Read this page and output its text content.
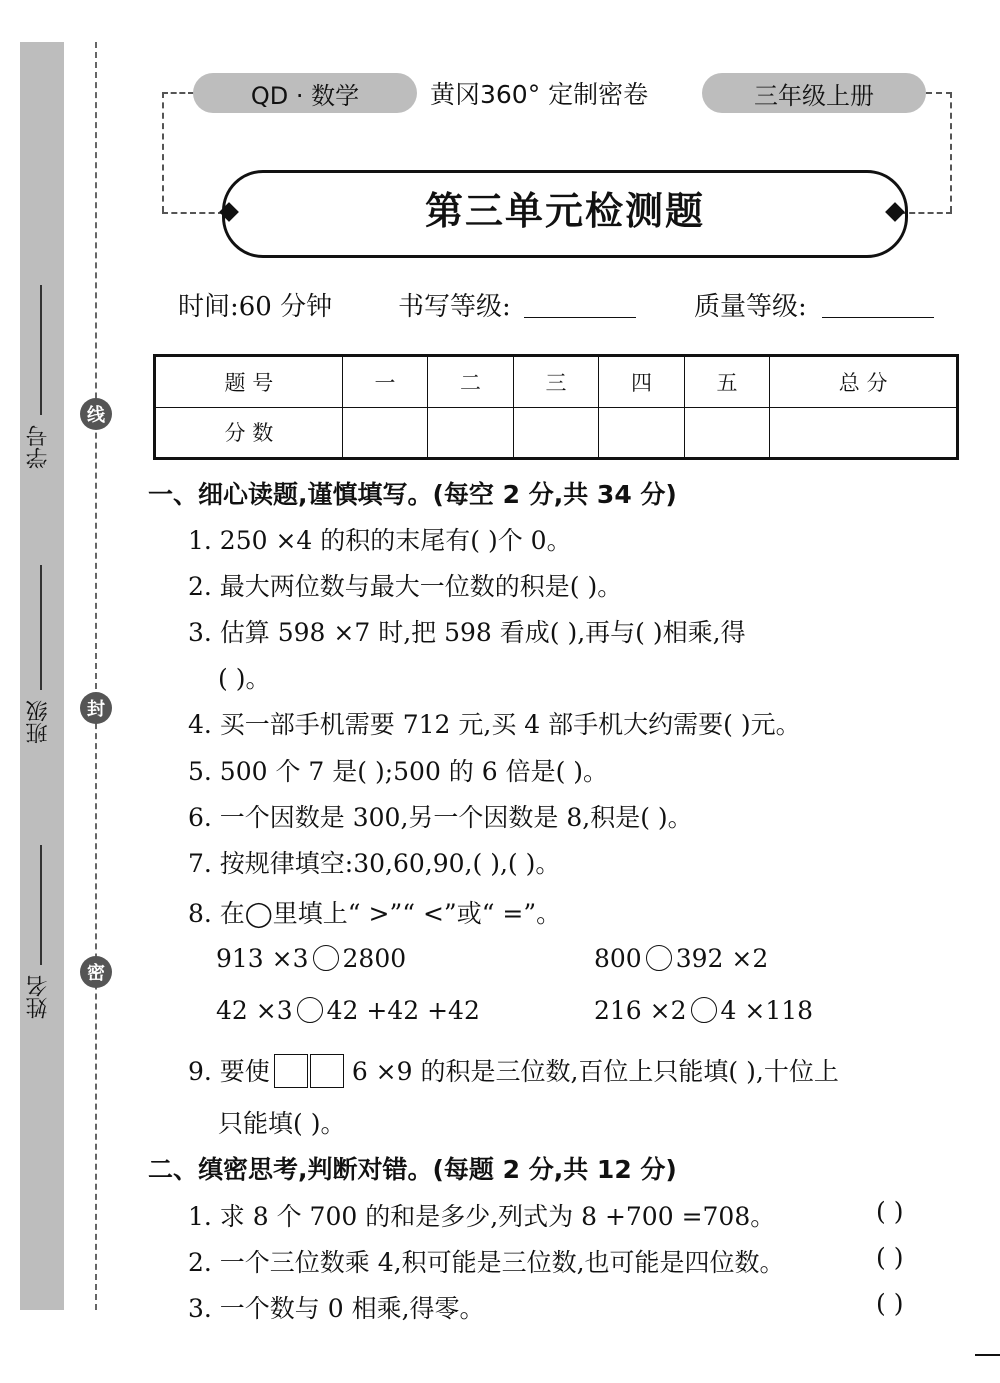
学号
班级
姓名
线
封
密
QD · 数学	黄冈360° 定制密卷	三年级上册
第三单元检测题
时间:60 分钟	书写等级:	质量等级:
题 号	一	二	三	四	五	总 分
分 数						
一、细心读题,谨慎填写。(每空 2 分,共 34 分)
1. 250 ×4 的积的末尾有( )个 0。
2. 最大两位数与最大一位数的积是( )。
3. 估算 598 ×7 时,把 598 看成( ),再与( )相乘,得
( )。
4. 买一部手机需要 712 元,买 4 部手机大约需要( )元。
5. 500 个 7 是( );500 的 6 倍是( )。
6. 一个因数是 300,另一个因数是 8,积是( )。
7. 按规律填空:30,60,90,( ),( )。
8. 在◯里填上“ >”“ <”或“ =”。
913 ×3 2800	800 392 ×2
42 ×3 42 +42 +42	216 ×2 4 ×118
9. 要使	6 ×9 的积是三位数,百位上只能填( ),十位上
只能填( )。
二、缜密思考,判断对错。(每题 2 分,共 12 分)
1. 求 8 个 700 的和是多少,列式为 8 +700 =708。	( )
2. 一个三位数乘 4,积可能是三位数,也可能是四位数。	( )
3. 一个数与 0 相乘,得零。	( )
